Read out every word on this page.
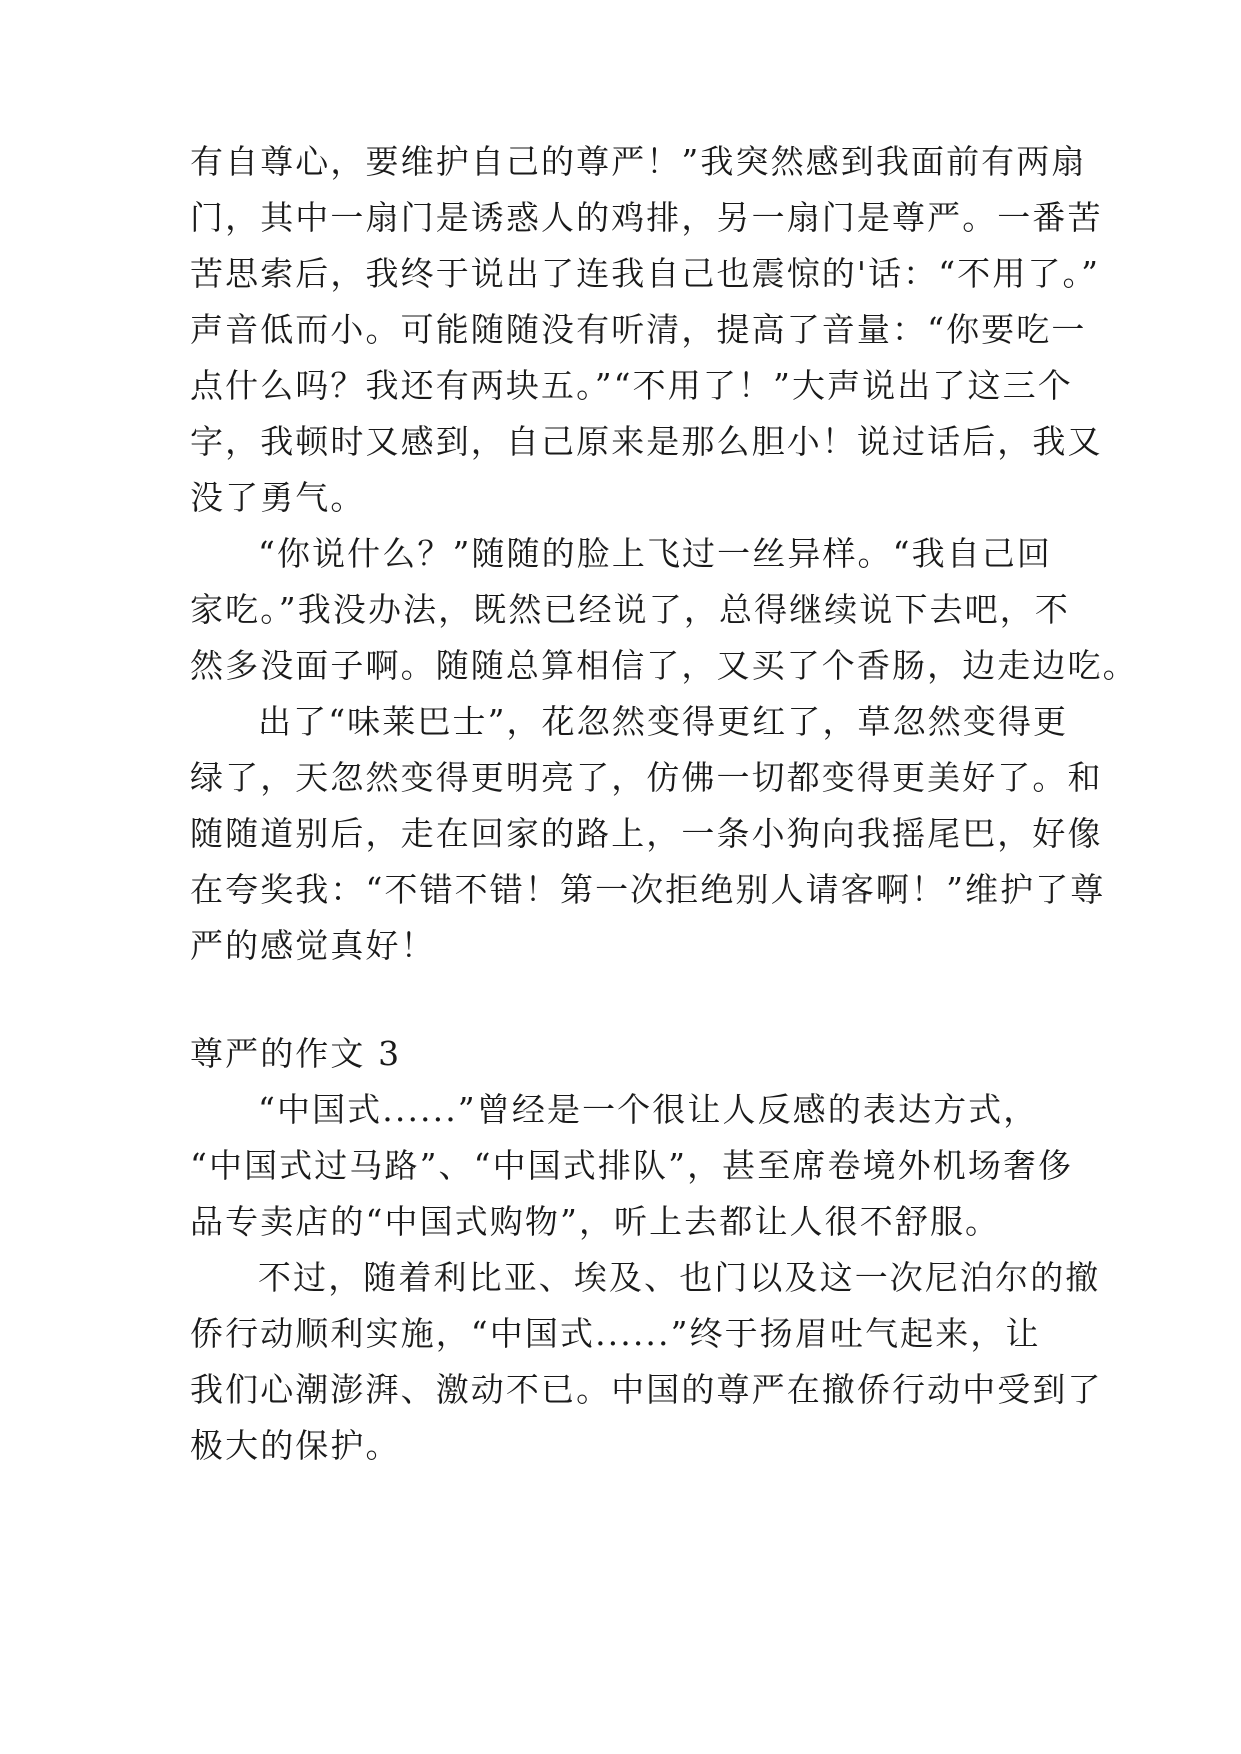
有自尊心，要维护自己的尊严！”我突然感到我面前有两扇
门，其中一扇门是诱惑人的鸡排，另一扇门是尊严。一番苦
苦思索后，我终于说出了连我自己也震惊的'话：“不用了。”
声音低而小。可能随随没有听清，提高了音量：“你要吃一
点什么吗？我还有两块五。”“不用了！”大声说出了这三个
字，我顿时又感到，自己原来是那么胆小！说过话后，我又
没了勇气。
“你说什么？”随随的脸上飞过一丝异样。“我自己回
家吃。”我没办法，既然已经说了，总得继续说下去吧，不
然多没面子啊。随随总算相信了，又买了个香肠，边走边吃。
出了“味莱巴士”，花忽然变得更红了，草忽然变得更
绿了，天忽然变得更明亮了，仿佛一切都变得更美好了。和
随随道别后，走在回家的路上，一条小狗向我摇尾巴，好像
在夸奖我：“不错不错！第一次拒绝别人请客啊！”维护了尊
严的感觉真好！
尊严的作文 3
“中国式......”曾经是一个很让人反感的表达方式，
“中国式过马路”、“中国式排队”，甚至席卷境外机场奢侈
品专卖店的“中国式购物”，听上去都让人很不舒服。
不过，随着利比亚、埃及、也门以及这一次尼泊尔的撤
侨行动顺利实施，“中国式......”终于扬眉吐气起来，让
我们心潮澎湃、激动不已。中国的尊严在撤侨行动中受到了
极大的保护。
